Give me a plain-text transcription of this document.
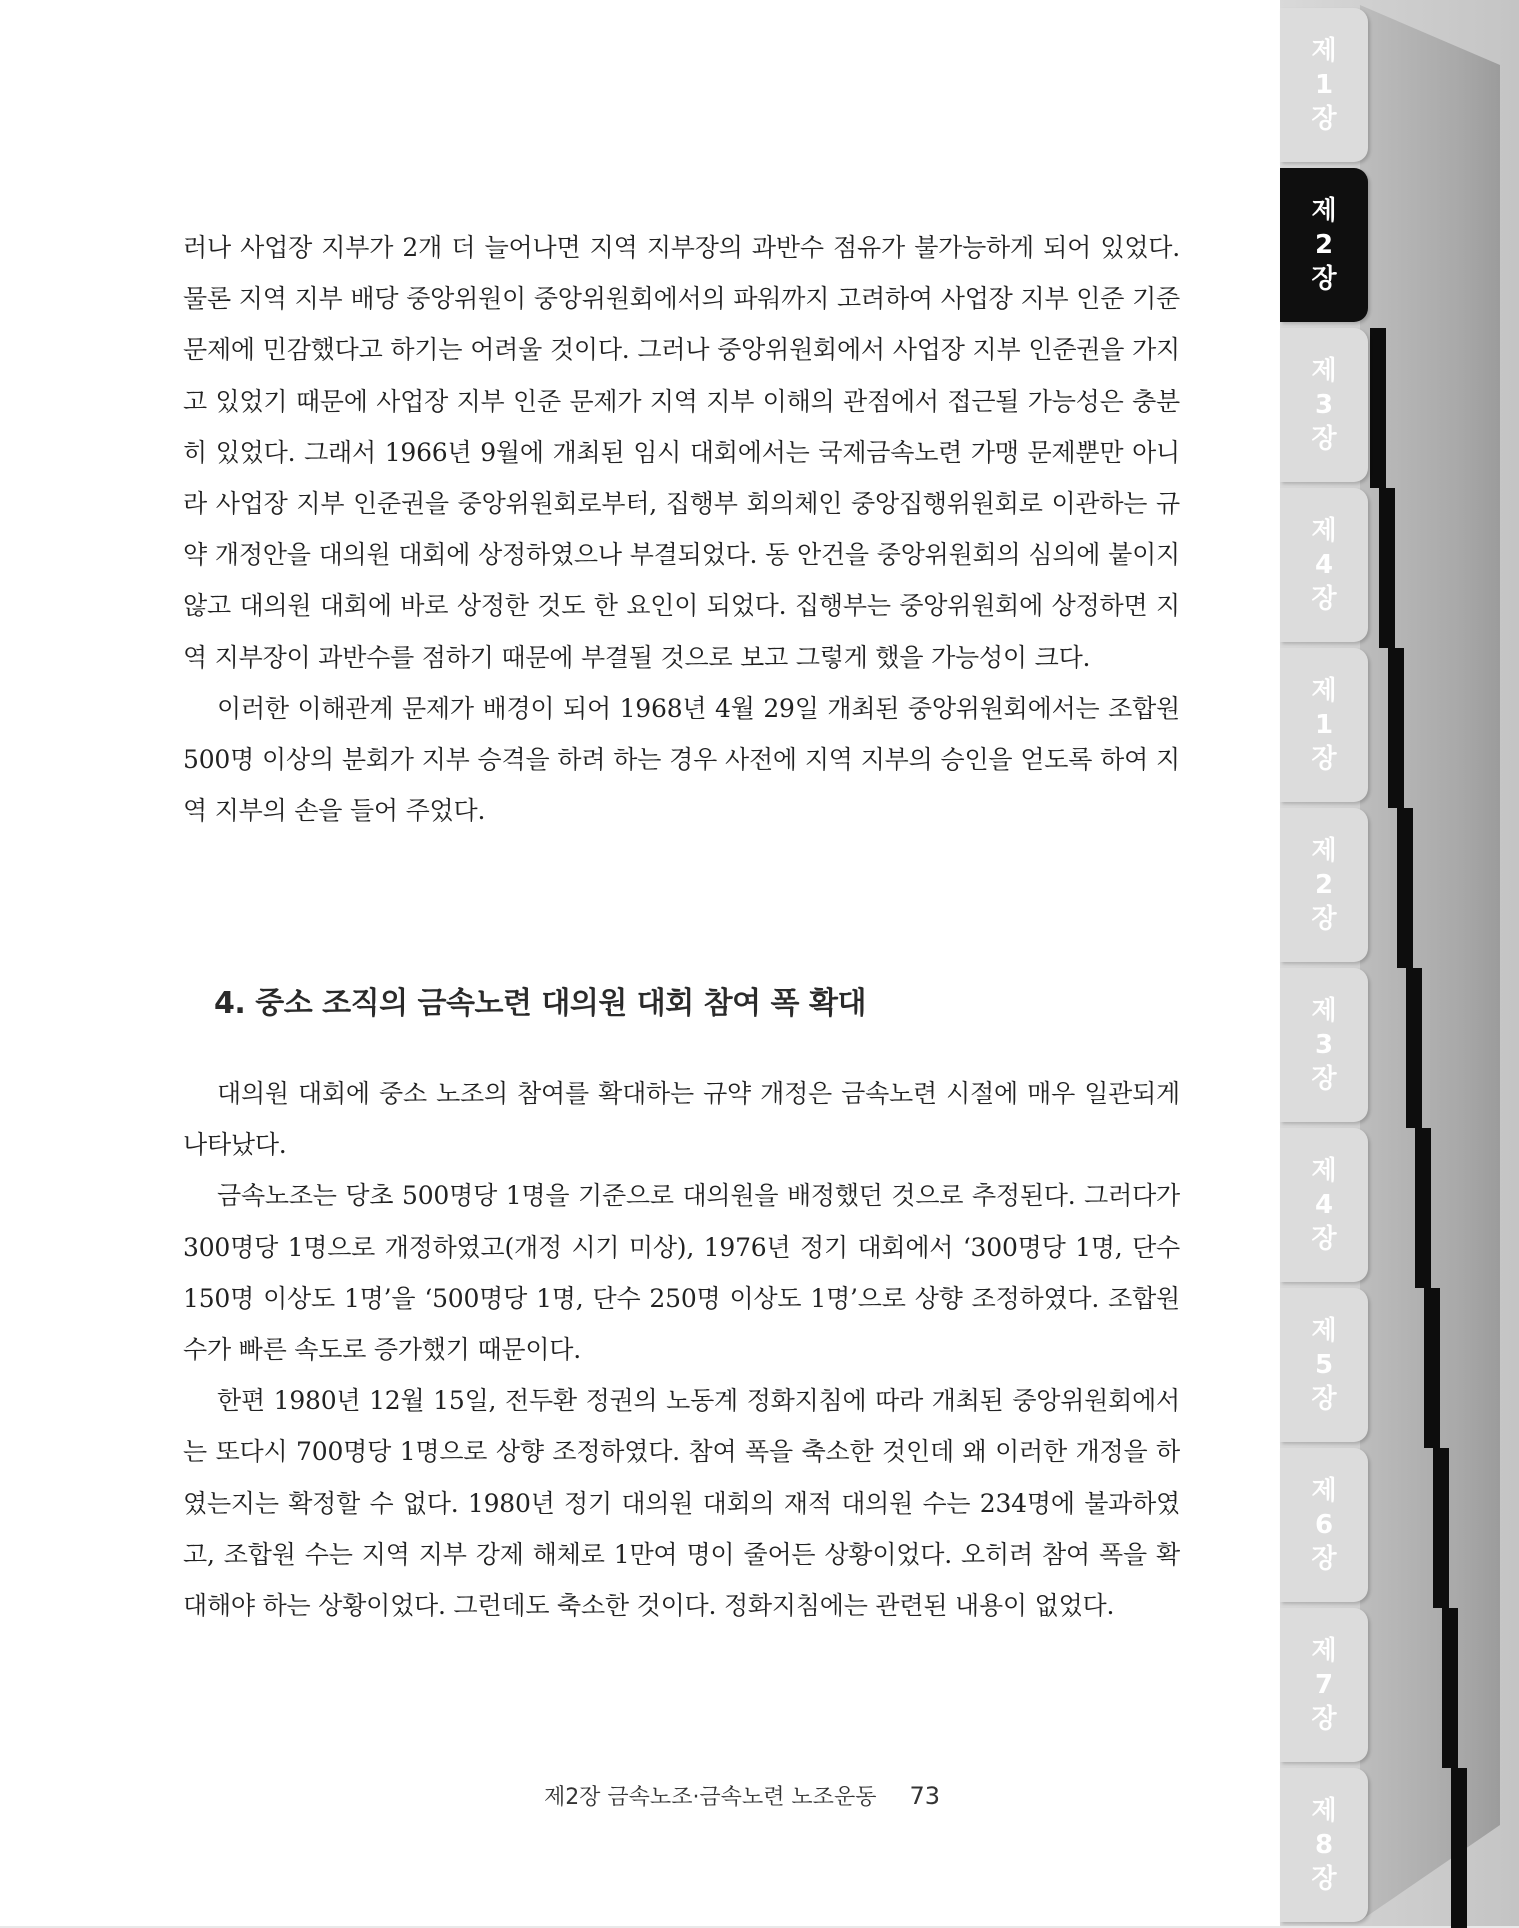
러나 사업장 지부가 2개 더 늘어나면 지역 지부장의 과반수 점유가 불가능하게 되어 있었다. 물론 지역 지부 배당 중앙위원이 중앙위원회에서의 파워까지 고려하여 사업장 지부 인준 기준 문제에 민감했다고 하기는 어려울 것이다. 그러나 중앙위원회에서 사업장 지부 인준권을 가지고 있었기 때문에 사업장 지부 인준 문제가 지역 지부 이해의 관점에서 접근될 가능성은 충분히 있었다. 그래서 1966년 9월에 개최된 임시 대회에서는 국제금속노련 가맹 문제뿐만 아니라 사업장 지부 인준권을 중앙위원회로부터, 집행부 회의체인 중앙집행위원회로 이관하는 규약 개정안을 대의원 대회에 상정하였으나 부결되었다. 동 안건을 중앙위원회의 심의에 붙이지 않고 대의원 대회에 바로 상정한 것도 한 요인이 되었다. 집행부는 중앙위원회에 상정하면 지역 지부장이 과반수를 점하기 때문에 부결될 것으로 보고 그렇게 했을 가능성이 크다.

이러한 이해관계 문제가 배경이 되어 1968년 4월 29일 개최된 중앙위원회에서는 조합원 500명 이상의 분회가 지부 승격을 하려 하는 경우 사전에 지역 지부의 승인을 얻도록 하여 지역 지부의 손을 들어 주었다.

4. 중소 조직의 금속노련 대의원 대회 참여 폭 확대

대의원 대회에 중소 노조의 참여를 확대하는 규약 개정은 금속노련 시절에 매우 일관되게 나타났다.

금속노조는 당초 500명당 1명을 기준으로 대의원을 배정했던 것으로 추정된다. 그러다가 300명당 1명으로 개정하였고(개정 시기 미상), 1976년 정기 대회에서 ‘300명당 1명, 단수 150명 이상도 1명’을 ‘500명당 1명, 단수 250명 이상도 1명’으로 상향 조정하였다. 조합원 수가 빠른 속도로 증가했기 때문이다.

한편 1980년 12월 15일, 전두환 정권의 노동계 정화지침에 따라 개최된 중앙위원회에서는 또다시 700명당 1명으로 상향 조정하였다. 참여 폭을 축소한 것인데 왜 이러한 개정을 하였는지는 확정할 수 없다. 1980년 정기 대의원 대회의 재적 대의원 수는 234명에 불과하였고, 조합원 수는 지역 지부 강제 해체로 1만여 명이 줄어든 상황이었다. 오히려 참여 폭을 확대해야 하는 상황이었다. 그런데도 축소한 것이다. 정화지침에는 관련된 내용이 없었다.

제2장 금속노조·금속노련 노조운동 73
제
1
장
제
2
장
제
3
장
제
4
장
제
1
장
제
2
장
제
3
장
제
4
장
제
5
장
제
6
장
제
7
장
제
8
장
